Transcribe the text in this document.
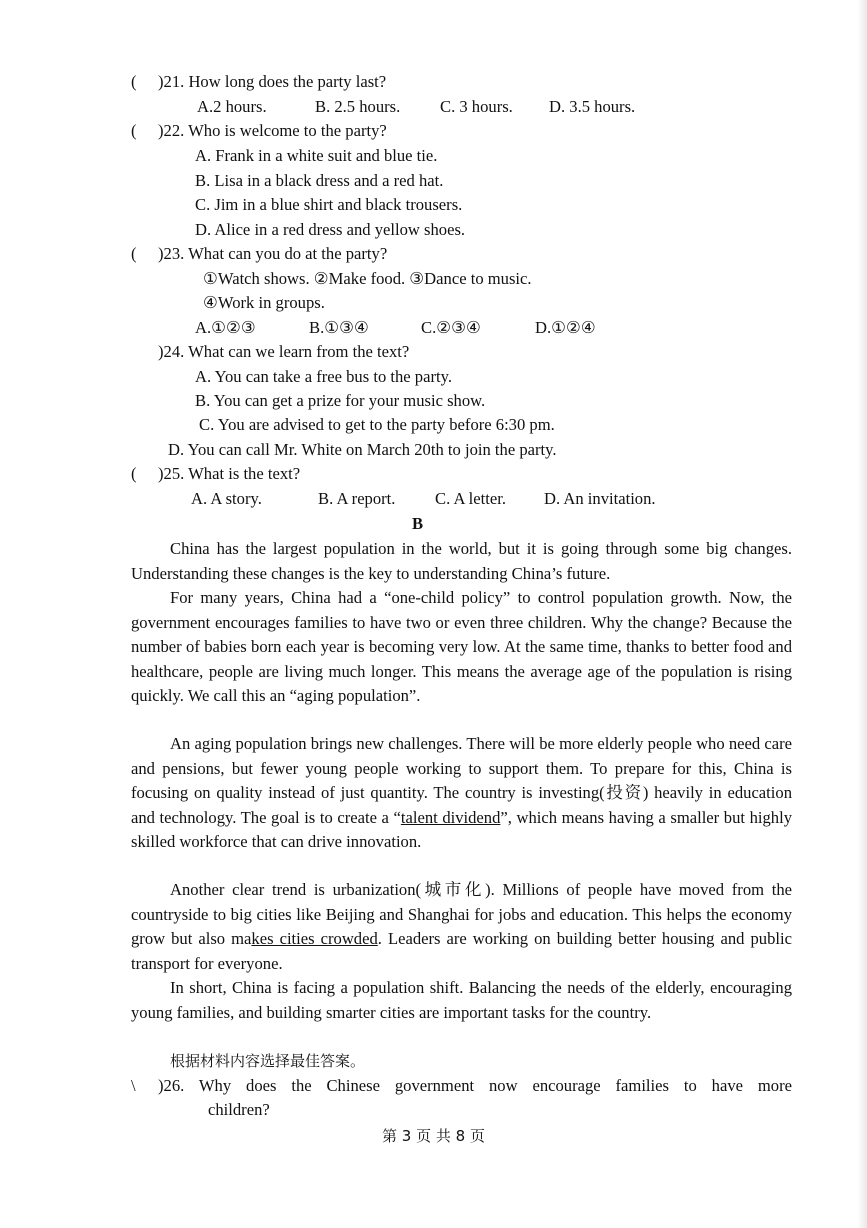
( )21. How long does the party last?
A.2 hours.	B. 2.5 hours. C. 3 hours. D. 3.5 hours.
( )22. Who is welcome to the party?
A. Frank in a white suit and blue tie.
B. Lisa in a black dress and a red hat.
C. Jim in a blue shirt and black trousers.
D. Alice in a red dress and yellow shoes.
( )23. What can you do at the party?
①Watch shows. ②Make food. ③Dance to music.
④Work in groups.
A.①②③	B.①③④	C.②③④	D.①②④
)24. What can we learn from the text?
A. You can take a free bus to the party.
B. You can get a prize for your music show.
C. You are advised to get to the party before 6:30 pm.
D. You can call Mr. White on March 20th to join the party.
( )25. What is the text?
A. A story.	B. A report. C. A letter. D. An invitation.
B

China has the largest population in the world, but it is going through some big changes. Understanding these changes is the key to understanding China’s future.

For many years, China had a “one-child policy” to control population growth. Now, the government encourages families to have two or even three children. Why the change? Because the number of babies born each year is becoming very low. At the same time, thanks to better food and healthcare, people are living much longer. This means the average age of the population is rising quickly. We call this an “aging population”.

An aging population brings new challenges. There will be more elderly people who need care and pensions, but fewer young people working to support them. To prepare for this, China is focusing on quality instead of just quantity. The country is investing(投资) heavily in education and technology. The goal is to create a “talent dividend”, which means having a smaller but highly skilled workforce that can drive innovation.

Another clear trend is urbanization(城市化). Millions of people have moved from the countryside to big cities like Beijing and Shanghai for jobs and education. This helps the economy grow but also makes cities crowded. Leaders are working on building better housing and public transport for everyone.

In short, China is facing a population shift. Balancing the needs of the elderly, encouraging young families, and building smarter cities are important tasks for the country.

根据材料内容选择最佳答案。
\ )26. Why does the Chinese government now encourage families to have more
children?
第 3 页 共 8 页
